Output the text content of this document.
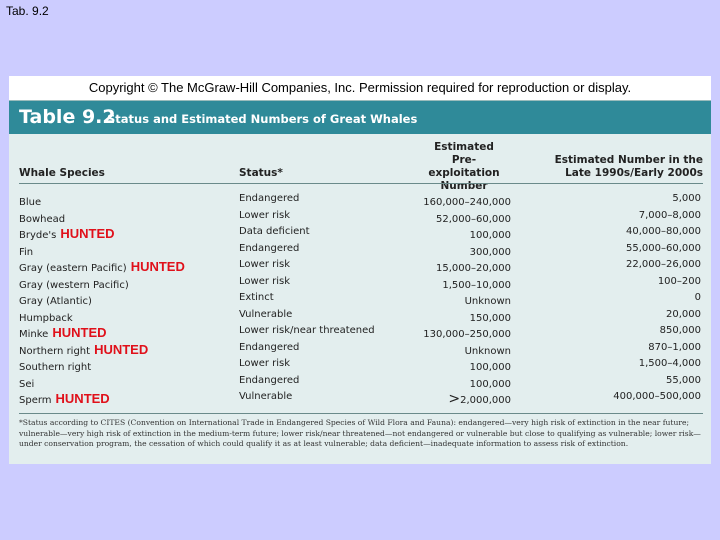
Tab. 9.2
Copyright © The McGraw-Hill Companies, Inc. Permission required for reproduction or display.
Table 9.2
Status and Estimated Numbers of Great Whales
Whale Species	Status*
Estimated
Pre-exploitation
Number
Estimated Number in the
Late 1990s/Early 2000s
Blue	Endangered	160,000–240,000	5,000
Bowhead	Lower risk	52,000–60,000	7,000–8,000
Bryde's HUNTED	Data deficient	100,000	40,000–80,000
Fin	Endangered	300,000	55,000–60,000
Gray (eastern Pacific) HUNTED	Lower risk	15,000–20,000	22,000–26,000
Gray (western Pacific)	Lower risk	1,500–10,000	100–200
Gray (Atlantic)	Extinct	Unknown	0
Humpback	Vulnerable	150,000	20,000
Minke HUNTED	Lower risk/near threatened	130,000–250,000	850,000
Northern right HUNTED	Endangered	Unknown	870–1,000
Southern right	Lower risk	100,000	1,500–4,000
Sei	Endangered	100,000	55,000
Sperm HUNTED	Vulnerable	>2,000,000	400,000–500,000
*Status according to CITES (Convention on International Trade in Endangered Species of Wild Flora and Fauna): endangered—very high risk of extinction in the near future; vulnerable—very high risk of extinction in the medium-term future; lower risk/near threatened—not endangered or vulnerable but close to qualifying as vulnerable; lower risk—under conservation program, the cessation of which could qualify it as at least vulnerable; data deficient—inadequate information to assess risk of extinction.
